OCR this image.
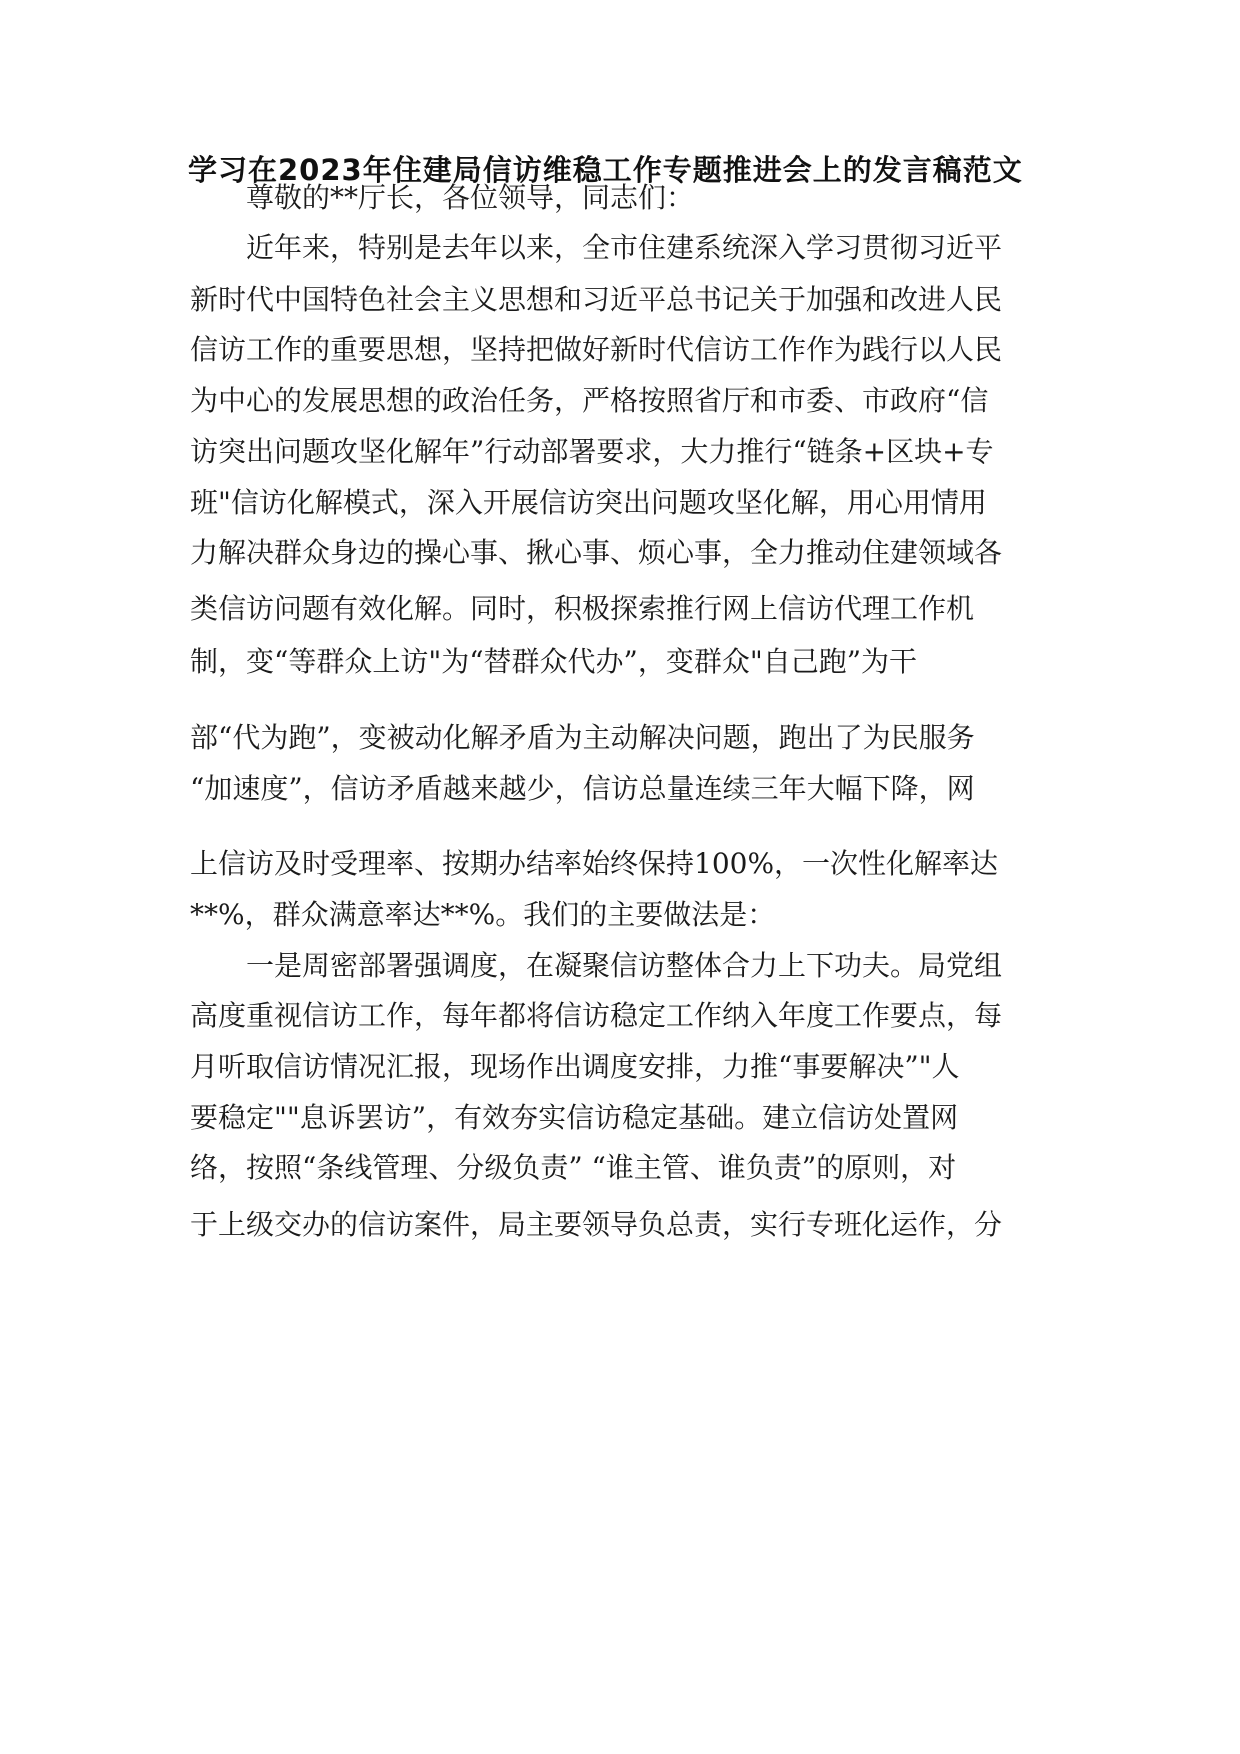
学习在2023年住建局信访维稳工作专题推进会上的发言稿范文
尊敬的**厅长，各位领导，同志们：
近年来，特别是去年以来，全市住建系统深入学习贯彻习近平
新时代中国特色社会主义思想和习近平总书记关于加强和改进人民
信访工作的重要思想，坚持把做好新时代信访工作作为践行以人民
为中心的发展思想的政治任务，严格按照省厅和市委、市政府“信
访突出问题攻坚化解年”行动部署要求，大力推行“链条+区块+专
班"信访化解模式，深入开展信访突出问题攻坚化解，用心用情用
力解决群众身边的操心事、揪心事、烦心事，全力推动住建领域各
类信访问题有效化解。同时，积极探索推行网上信访代理工作机
制，变“等群众上访"为“替群众代办”，变群众"自己跑”为干
部“代为跑”，变被动化解矛盾为主动解决问题，跑出了为民服务
“加速度”，信访矛盾越来越少，信访总量连续三年大幅下降，网
上信访及时受理率、按期办结率始终保持100%，一次性化解率达
**%，群众满意率达**%。我们的主要做法是：
一是周密部署强调度，在凝聚信访整体合力上下功夫。局党组
高度重视信访工作，每年都将信访稳定工作纳入年度工作要点，每
月听取信访情况汇报，现场作出调度安排，力推“事要解决”"人
要稳定""息诉罢访”，有效夯实信访稳定基础。建立信访处置网
络，按照“条线管理、分级负责” “谁主管、谁负责”的原则，对
于上级交办的信访案件，局主要领导负总责，实行专班化运作，分
